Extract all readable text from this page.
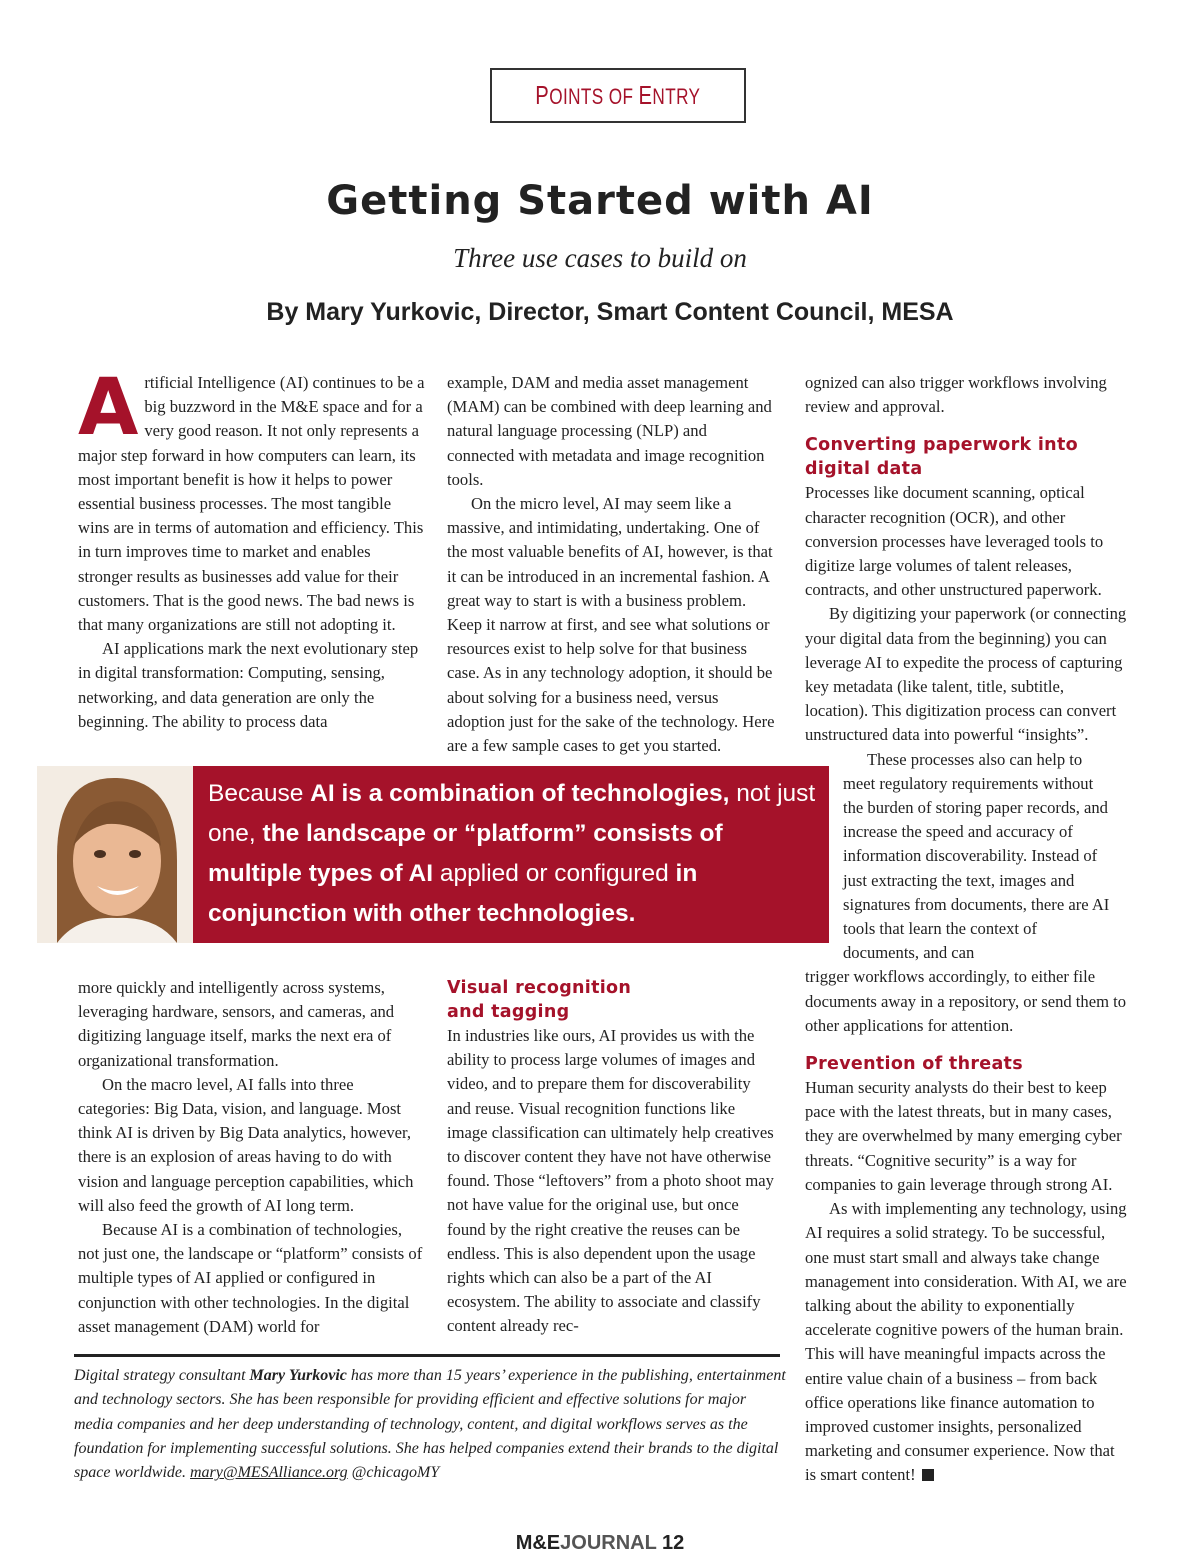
POINTS OF ENTRY
Getting Started with AI
Three use cases to build on
By Mary Yurkovic, Director, Smart Content Council, MESA

Artificial Intelligence (AI) continues to be a big buzzword in the M&E space and for a very good reason. It not only represents a major step forward in how computers can learn, its most important benefit is how it helps to power essential business processes. The most tangible wins are in terms of automation and efficiency. This in turn improves time to market and enables stronger results as businesses add value for their customers. That is the good news. The bad news is that many organizations are still not adopting it.

AI applications mark the next evolutionary step in digital transformation: Computing, sensing, networking, and data generation are only the beginning. The ability to process data

example, DAM and media asset management (MAM) can be combined with deep learning and natural language processing (NLP) and connected with metadata and image recognition tools.

On the micro level, AI may seem like a massive, and intimidating, undertaking. One of the most valuable benefits of AI, however, is that it can be introduced in an incremental fashion. A great way to start is with a business problem. Keep it narrow at first, and see what solutions or resources exist to help solve for that business case. As in any technology adoption, it should be about solving for a business need, versus adoption just for the sake of the technology. Here are a few sample cases to get you started.

ognized can also trigger workflows involving review and approval.

Converting paperwork into digital data

Processes like document scanning, optical character recognition (OCR), and other conversion processes have leveraged tools to digitize large volumes of talent releases, contracts, and other unstructured paperwork.

By digitizing your paperwork (or connecting your digital data from the beginning) you can leverage AI to expedite the process of capturing key metadata (like talent, title, subtitle, location). This digitization process can convert unstructured data into powerful “insights”.

These processes also can help to meet regulatory requirements without the burden of storing paper records, and increase the speed and accuracy of information discoverability. Instead of just extracting the text, images and signatures from documents, there are AI tools that learn the context of documents, and can

trigger workflows accordingly, to either file documents away in a repository, or send them to other applications for attention.

Prevention of threats

Human security analysts do their best to keep pace with the latest threats, but in many cases, they are overwhelmed by many emerging cyber threats. “Cognitive security” is a way for companies to gain leverage through strong AI.

As with implementing any technology, using AI requires a solid strategy. To be successful, one must start small and always take change management into consideration. With AI, we are talking about the ability to exponentially accelerate cognitive powers of the human brain. This will have meaningful impacts across the entire value chain of a business – from back office operations like finance automation to improved customer insights, personalized marketing and consumer experience. Now that is smart content!

Because AI is a combination of technologies, not just one, the landscape or “platform” consists of multiple types of AI applied or configured in conjunction with other technologies.

more quickly and intelligently across systems, leveraging hardware, sensors, and cameras, and digitizing language itself, marks the next era of organizational transformation.

On the macro level, AI falls into three categories: Big Data, vision, and language. Most think AI is driven by Big Data analytics, however, there is an explosion of areas having to do with vision and language perception capabilities, which will also feed the growth of AI long term.

Because AI is a combination of technologies, not just one, the landscape or “platform” consists of multiple types of AI applied or configured in conjunction with other technologies. In the digital asset management (DAM) world for

Visual recognition and tagging

In industries like ours, AI provides us with the ability to process large volumes of images and video, and to prepare them for discoverability and reuse. Visual recognition functions like image classification can ultimately help creatives to discover content they have not have otherwise found. Those “leftovers” from a photo shoot may not have value for the original use, but once found by the right creative the reuses can be endless. This is also dependent upon the usage rights which can also be a part of the AI ecosystem. The ability to associate and classify content already rec-

Digital strategy consultant Mary Yurkovic has more than 15 years’ experience in the publishing, entertainment and technology sectors. She has been responsible for providing efficient and effective solutions for major media companies and her deep understanding of technology, content, and digital workflows serves as the foundation for implementing successful solutions. She has helped companies extend their brands to the digital space worldwide. mary@MESAlliance.org @chicagoMY
M&EJOURNAL 12
